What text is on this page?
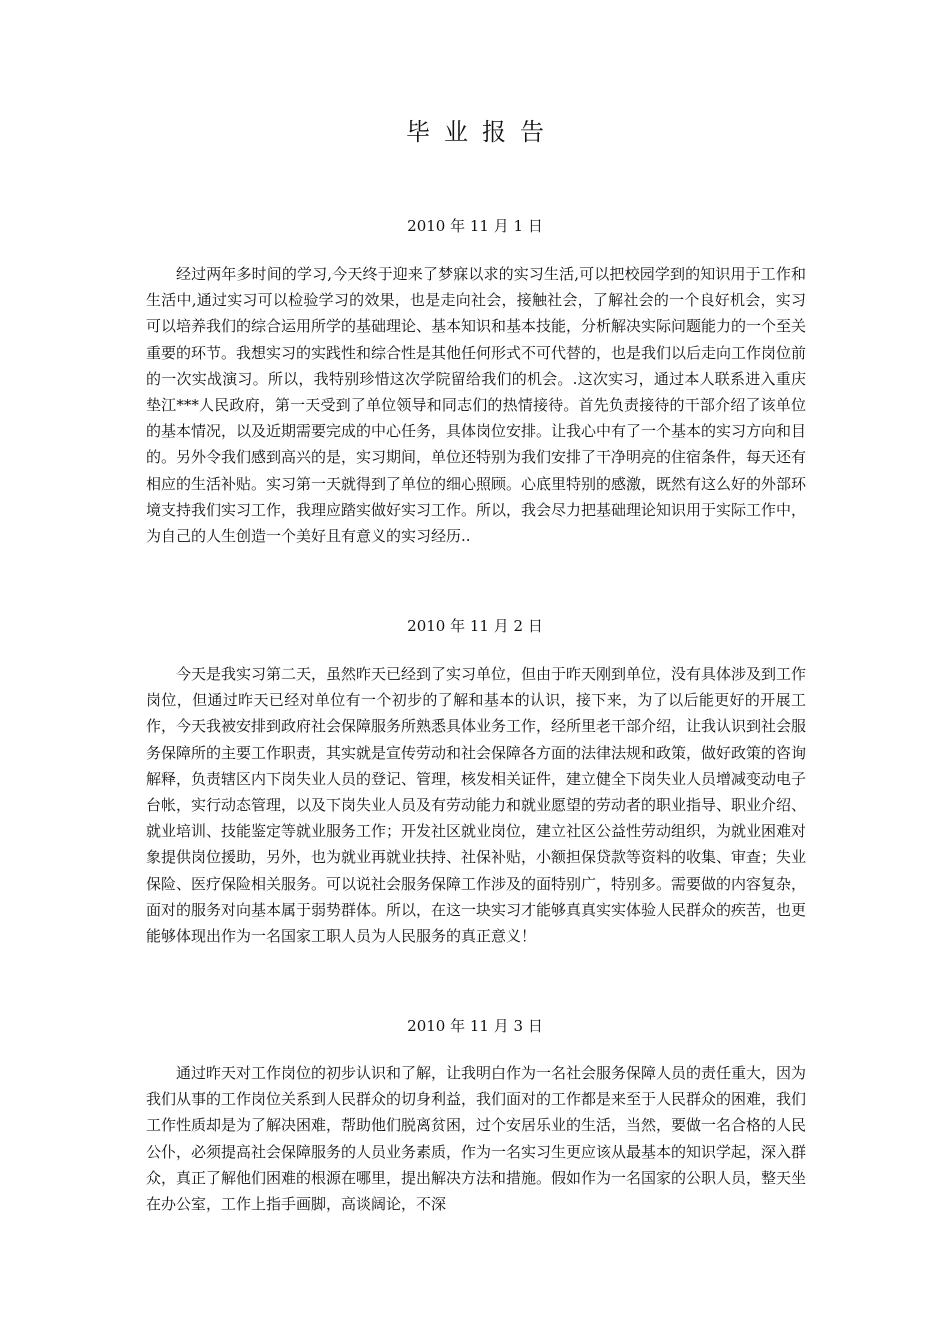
毕业报告
2010 年 11 月 1 日

经过两年多时间的学习,今天终于迎来了梦寐以求的实习生活,可以把校园学到的知识用于工作和生活中,通过实习可以检验学习的效果，也是走向社会，接触社会，了解社会的一个良好机会，实习可以培养我们的综合运用所学的基础理论、基本知识和基本技能，分析解决实际问题能力的一个至关重要的环节。我想实习的实践性和综合性是其他任何形式不可代替的，也是我们以后走向工作岗位前的一次实战演习。所以，我特别珍惜这次学院留给我们的机会。.这次实习，通过本人联系进入重庆垫江***人民政府，第一天受到了单位领导和同志们的热情接待。首先负责接待的干部介绍了该单位的基本情况，以及近期需要完成的中心任务，具体岗位安排。让我心中有了一个基本的实习方向和目的。另外令我们感到高兴的是，实习期间，单位还特别为我们安排了干净明亮的住宿条件，每天还有相应的生活补贴。实习第一天就得到了单位的细心照顾。心底里特别的感激，既然有这么好的外部环境支持我们实习工作，我理应踏实做好实习工作。所以，我会尽力把基础理论知识用于实际工作中，为自己的人生创造一个美好且有意义的实习经历..

2010 年 11 月 2 日

今天是我实习第二天，虽然昨天已经到了实习单位，但由于昨天刚到单位，没有具体涉及到工作岗位，但通过昨天已经对单位有一个初步的了解和基本的认识，接下来，为了以后能更好的开展工作，今天我被安排到政府社会保障服务所熟悉具体业务工作，经所里老干部介绍，让我认识到社会服务保障所的主要工作职责，其实就是宣传劳动和社会保障各方面的法律法规和政策，做好政策的咨询解释，负责辖区内下岗失业人员的登记、管理，核发相关证件，建立健全下岗失业人员增减变动电子台帐，实行动态管理，以及下岗失业人员及有劳动能力和就业愿望的劳动者的职业指导、职业介绍、就业培训、技能鉴定等就业服务工作；开发社区就业岗位，建立社区公益性劳动组织，为就业困难对象提供岗位援助，另外，也为就业再就业扶持、社保补贴，小额担保贷款等资料的收集、审查；失业保险、医疗保险相关服务。可以说社会服务保障工作涉及的面特别广，特别多。需要做的内容复杂，面对的服务对向基本属于弱势群体。所以，在这一块实习才能够真真实实体验人民群众的疾苦，也更能够体现出作为一名国家工职人员为人民服务的真正意义！

2010 年 11 月 3 日

通过昨天对工作岗位的初步认识和了解，让我明白作为一名社会服务保障人员的责任重大，因为我们从事的工作岗位关系到人民群众的切身利益，我们面对的工作都是来至于人民群众的困难，我们工作性质却是为了解决困难，帮助他们脱离贫困，过个安居乐业的生活，当然，要做一名合格的人民公仆，必须提高社会保障服务的人员业务素质，作为一名实习生更应该从最基本的知识学起，深入群众，真正了解他们困难的根源在哪里，提出解决方法和措施。假如作为一名国家的公职人员，整天坐在办公室，工作上指手画脚，高谈阔论，不深
